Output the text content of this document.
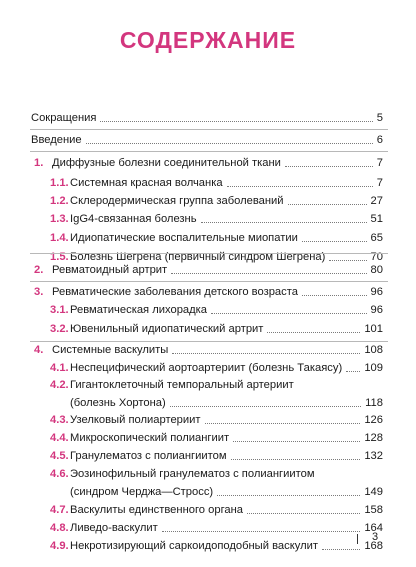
СОДЕРЖАНИЕ
Сокращения	5
Введение	6
1. Диффузные болезни соединительной ткани	7
1.1. Системная красная волчанка	7
1.2. Склеродермическая группа заболеваний	27
1.3. IgG4-связанная болезнь	51
1.4. Идиопатические воспалительные миопатии	65
1.5. Болезнь Шегрена (первичный синдром Шегрена)	70
2. Ревматоидный артрит	80
3. Ревматические заболевания детского возраста	96
3.1. Ревматическая лихорадка	96
3.2. Ювенильный идиопатический артрит	101
4. Системные васкулиты	108
4.1. Неспецифический аортоартериит (болезнь Такаясу) 109
4.2. Гигантоклеточный темпоральный артериит
(болезнь Хортона)	118
4.3. Узелковый полиартериит	126
4.4. Микроскопический полиангиит	128
4.5. Гранулематоз с полиангиитом	132
4.6. Эозинофильный гранулематоз с полиангиитом
(синдром Черджа—Стросс)	149
4.7. Васкулиты единственного органа	158
4.8. Ливедо-васкулит	164
4.9. Некротизирующий саркоидоподобный васкулит	168
3
